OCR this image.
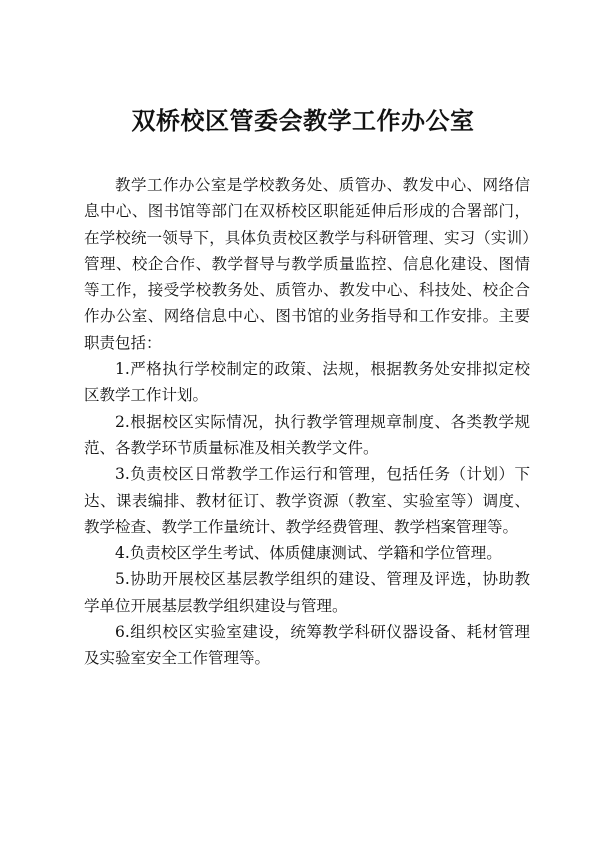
双桥校区管委会教学工作办公室

教学工作办公室是学校教务处、质管办、教发中心、网络信息中心、图书馆等部门在双桥校区职能延伸后形成的合署部门，在学校统一领导下，具体负责校区教学与科研管理、实习（实训）管理、校企合作、教学督导与教学质量监控、信息化建设、图情等工作，接受学校教务处、质管办、教发中心、科技处、校企合作办公室、网络信息中心、图书馆的业务指导和工作安排。主要职责包括：

1.严格执行学校制定的政策、法规，根据教务处安排拟定校区教学工作计划。

2.根据校区实际情况，执行教学管理规章制度、各类教学规范、各教学环节质量标准及相关教学文件。

3.负责校区日常教学工作运行和管理，包括任务（计划）下达、课表编排、教材征订、教学资源（教室、实验室等）调度、教学检查、教学工作量统计、教学经费管理、教学档案管理等。

4.负责校区学生考试、体质健康测试、学籍和学位管理。

5.协助开展校区基层教学组织的建设、管理及评选，协助教学单位开展基层教学组织建设与管理。

6.组织校区实验室建设，统筹教学科研仪器设备、耗材管理及实验室安全工作管理等。
